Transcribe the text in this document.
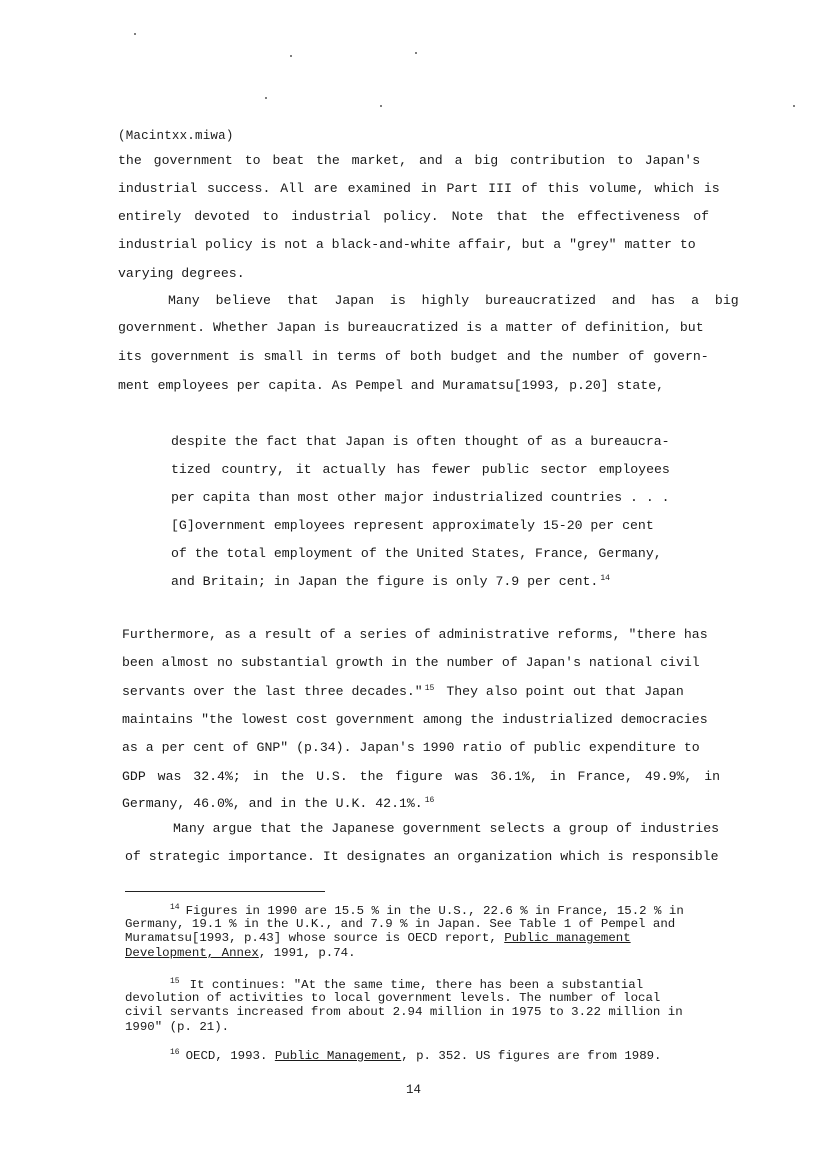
(Macintxx.miwa)
the government to beat the market, and a big contribution to Japan's
industrial success. All are examined in Part III of this volume, which is
entirely devoted to industrial policy. Note that the effectiveness of
industrial policy is not a black-and-white affair, but a "grey" matter to
varying degrees.
Many believe that Japan is highly bureaucratized and has a big
government. Whether Japan is bureaucratized is a matter of definition, but
its government is small in terms of both budget and the number of govern-
ment employees per capita. As Pempel and Muramatsu[1993, p.20] state,
despite the fact that Japan is often thought of as a bureaucra-
tized country, it actually has fewer public sector employees
per capita than most other major industrialized countries . . .
[G]overnment employees represent approximately 15-20 per cent
of the total employment of the United States, France, Germany,
and Britain; in Japan the figure is only 7.9 per cent. $^{14}$
Furthermore, as a result of a series of administrative reforms, "there has
been almost no substantial growth in the number of Japan's national civil
servants over the last three decades." $^{15}$ They also point out that Japan
maintains "the lowest cost government among the industrialized democracies
as a per cent of GNP" (p.34). Japan's 1990 ratio of public expenditure to
GDP was 32.4%; in the U.S. the figure was 36.1%, in France, 49.9%, in
Germany, 46.0%, and in the U.K. 42.1%. $^{16}$
Many argue that the Japanese government selects a group of industries
of strategic importance. It designates an organization which is responsible
$^{14}$ Figures in 1990 are 15.5 % in the U.S., 22.6 % in France, 15.2 % in
Germany, 19.1 % in the U.K., and 7.9 % in Japan. See Table 1 of Pempel and
Muramatsu[1993, p.43] whose source is OECD report, Public management
Development, Annex, 1991, p.74.
$^{15}$ It continues: "At the same time, there has been a substantial
devolution of activities to local government levels. The number of local
civil servants increased from about 2.94 million in 1975 to 3.22 million in
1990" (p. 21).
$^{16}$ OECD, 1993. Public Management, p. 352. US figures are from 1989.
14
